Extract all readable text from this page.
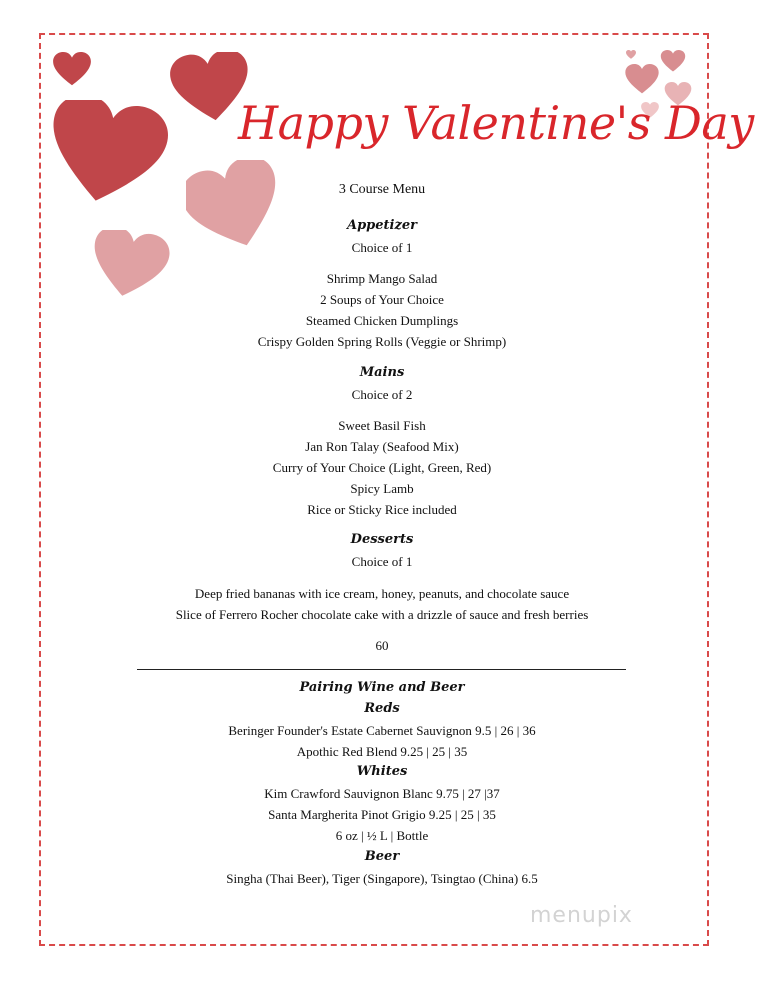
Happy Valentine's Day
3 Course Menu
Appetizer
Choice of 1
Shrimp Mango Salad
2 Soups of Your Choice
Steamed Chicken Dumplings
Crispy Golden Spring Rolls (Veggie or Shrimp)
Mains
Choice of 2
Sweet Basil Fish
Jan Ron Talay (Seafood Mix)
Curry of Your Choice (Light, Green, Red)
Spicy Lamb
Rice or Sticky Rice included
Desserts
Choice of 1
Deep fried bananas with ice cream, honey, peanuts, and chocolate sauce
Slice of Ferrero Rocher chocolate cake with a drizzle of sauce and fresh berries
60
Pairing Wine and Beer
Reds
Beringer Founder's Estate Cabernet Sauvignon 9.5 | 26 | 36
Apothic Red Blend 9.25 | 25 | 35
Whites
Kim Crawford Sauvignon Blanc 9.75 | 27 |37
Santa Margherita Pinot Grigio 9.25 | 25 | 35
6 oz | ½ L | Bottle
Beer
Singha (Thai Beer), Tiger (Singapore), Tsingtao (China) 6.5
menupix
